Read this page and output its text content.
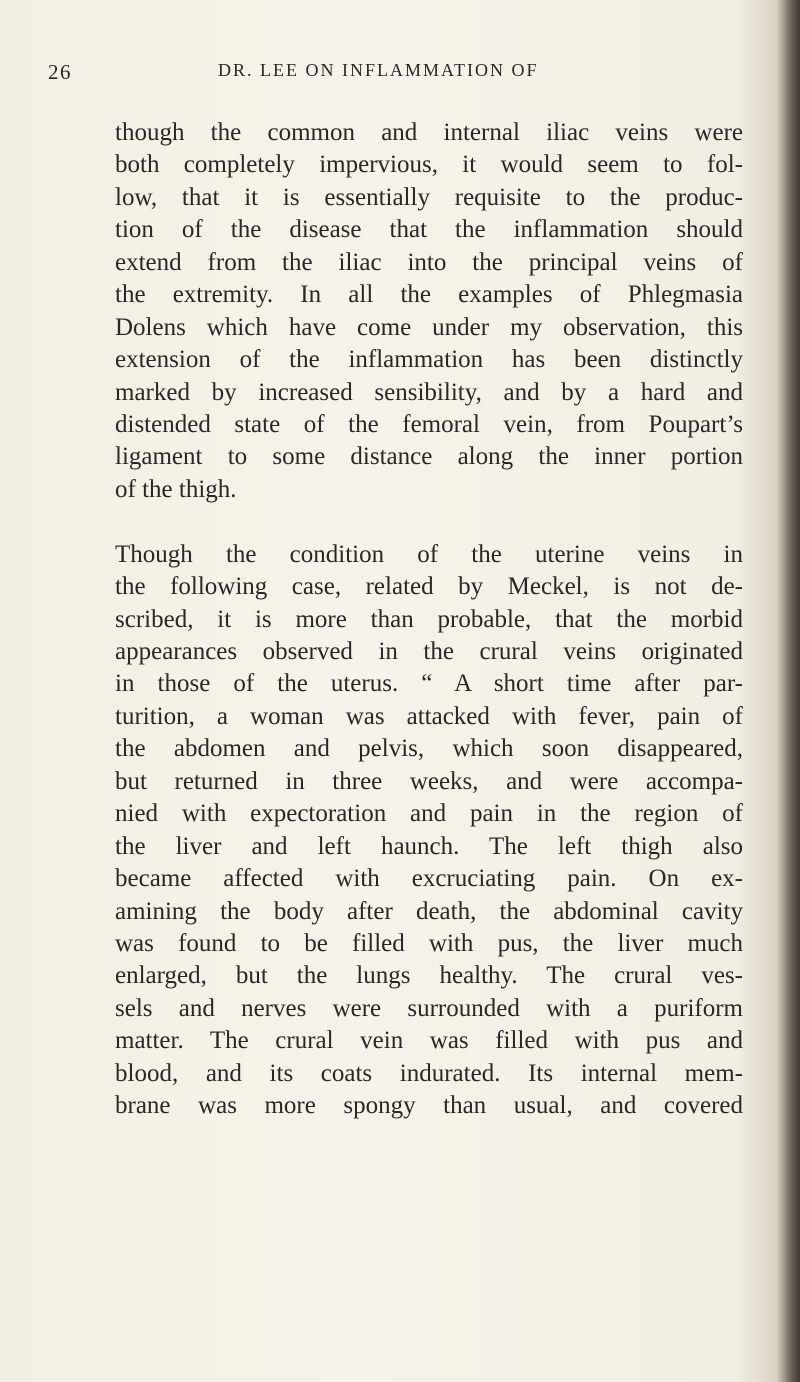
26	DR. LEE ON INFLAMMATION OF
though the common and internal iliac veins were
both completely impervious, it would seem to fol-
low, that it is essentially requisite to the produc-
tion of the disease that the inflammation should
extend from the iliac into the principal veins of
the extremity. In all the examples of Phlegmasia
Dolens which have come under my observation, this
extension of the inflammation has been distinctly
marked by increased sensibility, and by a hard and
distended state of the femoral vein, from Poupart’s
ligament to some distance along the inner portion
of the thigh.
Though the condition of the uterine veins in
the following case, related by Meckel, is not de-
scribed, it is more than probable, that the morbid
appearances observed in the crural veins originated
in those of the uterus. “ A short time after par-
turition, a woman was attacked with fever, pain of
the abdomen and pelvis, which soon disappeared,
but returned in three weeks, and were accompa-
nied with expectoration and pain in the region of
the liver and left haunch. The left thigh also
became affected with excruciating pain. On ex-
amining the body after death, the abdominal cavity
was found to be filled with pus, the liver much
enlarged, but the lungs healthy. The crural ves-
sels and nerves were surrounded with a puriform
matter. The crural vein was filled with pus and
blood, and its coats indurated. Its internal mem-
brane was more spongy than usual, and covered
